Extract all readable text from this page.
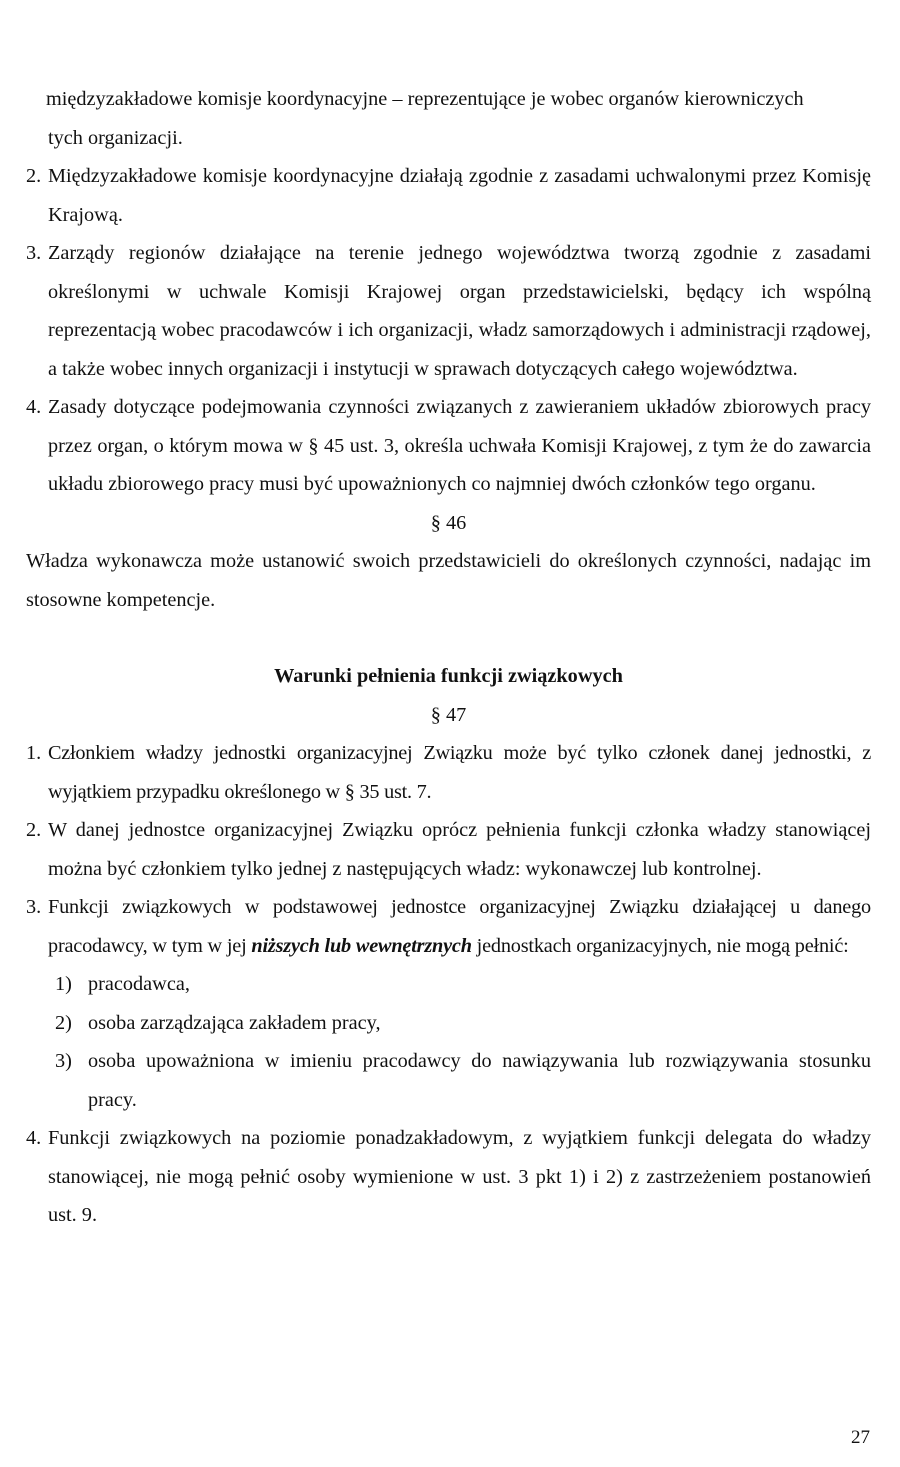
międzyzakładowe komisje koordynacyjne – reprezentujące je wobec organów kierowniczych
tych organizacji.
2. Międzyzakładowe komisje koordynacyjne działają zgodnie z zasadami uchwalonymi przez Komisję Krajową.
3. Zarządy regionów działające na terenie jednego województwa tworzą zgodnie z zasadami określonymi w uchwale Komisji Krajowej organ przedstawicielski, będący ich wspólną reprezentacją wobec pracodawców i ich organizacji, władz samorządowych i administracji rządowej, a także wobec innych organizacji i instytucji w sprawach dotyczących całego województwa.
4. Zasady dotyczące podejmowania czynności związanych z zawieraniem układów zbiorowych pracy przez organ, o którym mowa w § 45 ust. 3, określa uchwała Komisji Krajowej, z tym że do zawarcia układu zbiorowego pracy musi być upoważnionych co najmniej dwóch członków tego organu.
§ 46
Władza wykonawcza może ustanowić swoich przedstawicieli do określonych czynności, nadając im stosowne kompetencje.
Warunki pełnienia funkcji związkowych
§ 47
1. Członkiem władzy jednostki organizacyjnej Związku może być tylko członek danej jednostki, z wyjątkiem przypadku określonego w § 35 ust. 7.
2. W danej jednostce organizacyjnej Związku oprócz pełnienia funkcji członka władzy stanowiącej można być członkiem tylko jednej z następujących władz: wykonawczej lub kontrolnej.
3. Funkcji związkowych w podstawowej jednostce organizacyjnej Związku działającej u danego pracodawcy, w tym w jej niższych lub wewnętrznych jednostkach organizacyjnych, nie mogą pełnić:
1) pracodawca,
2) osoba zarządzająca zakładem pracy,
3) osoba upoważniona w imieniu pracodawcy do nawiązywania lub rozwiązywania stosunku pracy.
4. Funkcji związkowych na poziomie ponadzakładowym, z wyjątkiem funkcji delegata do władzy stanowiącej, nie mogą pełnić osoby wymienione w ust. 3 pkt 1) i 2) z zastrzeżeniem postanowień ust. 9.
27
